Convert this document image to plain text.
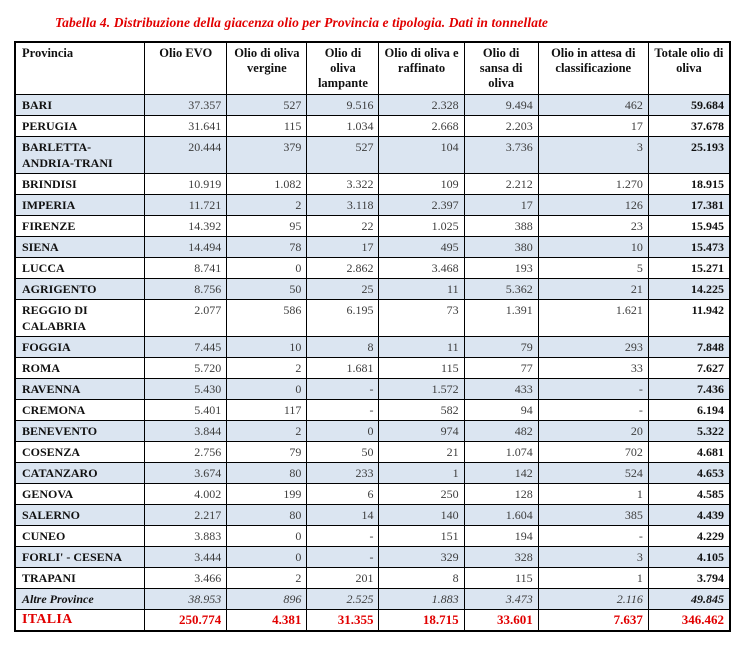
Tabella 4. Distribuzione della giacenza olio per Provincia e tipologia. Dati in tonnellate
Provincia	Olio EVO	Olio di oliva vergine	Olio di oliva lampante	Olio di oliva e raffinato	Olio di sansa di oliva	Olio in attesa di classificazione	Totale olio di oliva
BARI	37.357	527	9.516	2.328	9.494	462	59.684
PERUGIA	31.641	115	1.034	2.668	2.203	17	37.678
BARLETTA-ANDRIA-TRANI	20.444	379	527	104	3.736	3	25.193
BRINDISI	10.919	1.082	3.322	109	2.212	1.270	18.915
IMPERIA	11.721	2	3.118	2.397	17	126	17.381
FIRENZE	14.392	95	22	1.025	388	23	15.945
SIENA	14.494	78	17	495	380	10	15.473
LUCCA	8.741	0	2.862	3.468	193	5	15.271
AGRIGENTO	8.756	50	25	11	5.362	21	14.225
REGGIO DI CALABRIA	2.077	586	6.195	73	1.391	1.621	11.942
FOGGIA	7.445	10	8	11	79	293	7.848
ROMA	5.720	2	1.681	115	77	33	7.627
RAVENNA	5.430	0	-	1.572	433	-	7.436
CREMONA	5.401	117	-	582	94	-	6.194
BENEVENTO	3.844	2	0	974	482	20	5.322
COSENZA	2.756	79	50	21	1.074	702	4.681
CATANZARO	3.674	80	233	1	142	524	4.653
GENOVA	4.002	199	6	250	128	1	4.585
SALERNO	2.217	80	14	140	1.604	385	4.439
CUNEO	3.883	0	-	151	194	-	4.229
FORLI' - CESENA	3.444	0	-	329	328	3	4.105
TRAPANI	3.466	2	201	8	115	1	3.794
Altre Province	38.953	896	2.525	1.883	3.473	2.116	49.845
ITALIA	250.774	4.381	31.355	18.715	33.601	7.637	346.462
